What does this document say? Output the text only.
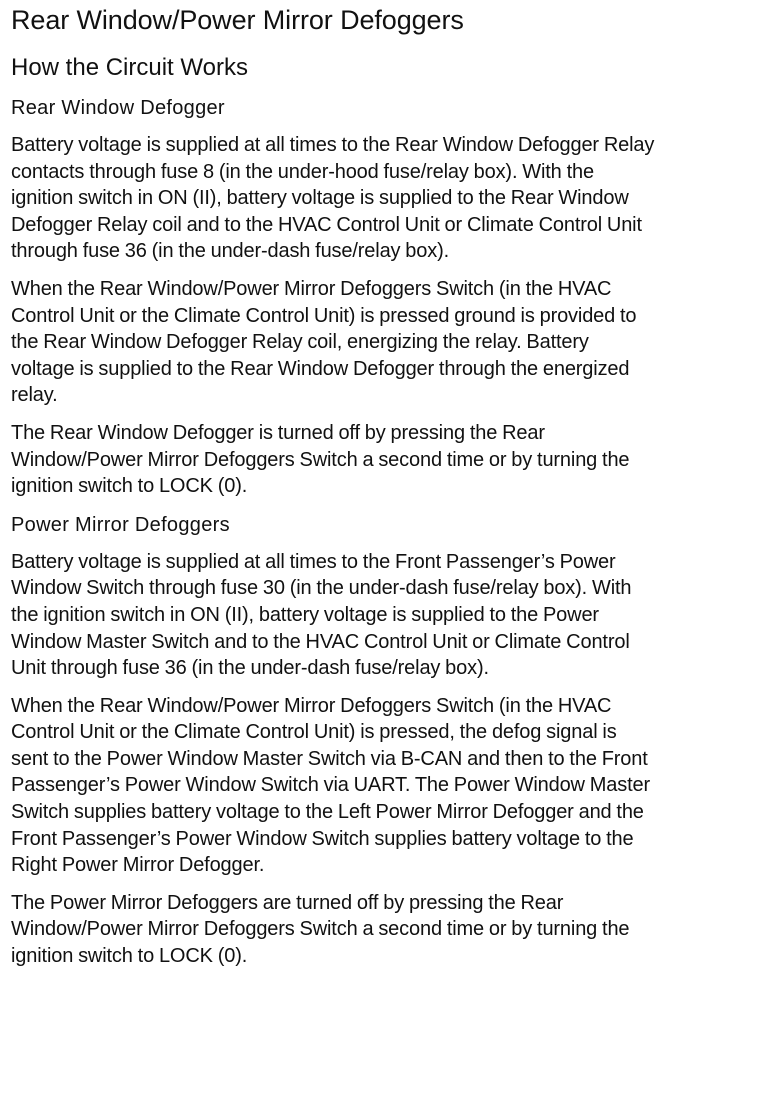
Rear Window/Power Mirror Defoggers
How the Circuit Works
Rear Window Defogger

Battery voltage is supplied at all times to the Rear Window Defogger Relay
contacts through fuse 8 (in the under-hood fuse/relay box). With the
ignition switch in ON (II), battery voltage is supplied to the Rear Window
Defogger Relay coil and to the HVAC Control Unit or Climate Control Unit
through fuse 36 (in the under-dash fuse/relay box).

When the Rear Window/Power Mirror Defoggers Switch (in the HVAC
Control Unit or the Climate Control Unit) is pressed ground is provided to
the Rear Window Defogger Relay coil, energizing the relay. Battery
voltage is supplied to the Rear Window Defogger through the energized
relay.

The Rear Window Defogger is turned off by pressing the Rear
Window/Power Mirror Defoggers Switch a second time or by turning the
ignition switch to LOCK (0).

Power Mirror Defoggers

Battery voltage is supplied at all times to the Front Passenger’s Power
Window Switch through fuse 30 (in the under-dash fuse/relay box). With
the ignition switch in ON (II), battery voltage is supplied to the Power
Window Master Switch and to the HVAC Control Unit or Climate Control
Unit through fuse 36 (in the under-dash fuse/relay box).

When the Rear Window/Power Mirror Defoggers Switch (in the HVAC
Control Unit or the Climate Control Unit) is pressed, the defog signal is
sent to the Power Window Master Switch via B-CAN and then to the Front
Passenger’s Power Window Switch via UART. The Power Window Master
Switch supplies battery voltage to the Left Power Mirror Defogger and the
Front Passenger’s Power Window Switch supplies battery voltage to the
Right Power Mirror Defogger.

The Power Mirror Defoggers are turned off by pressing the Rear
Window/Power Mirror Defoggers Switch a second time or by turning the
ignition switch to LOCK (0).
